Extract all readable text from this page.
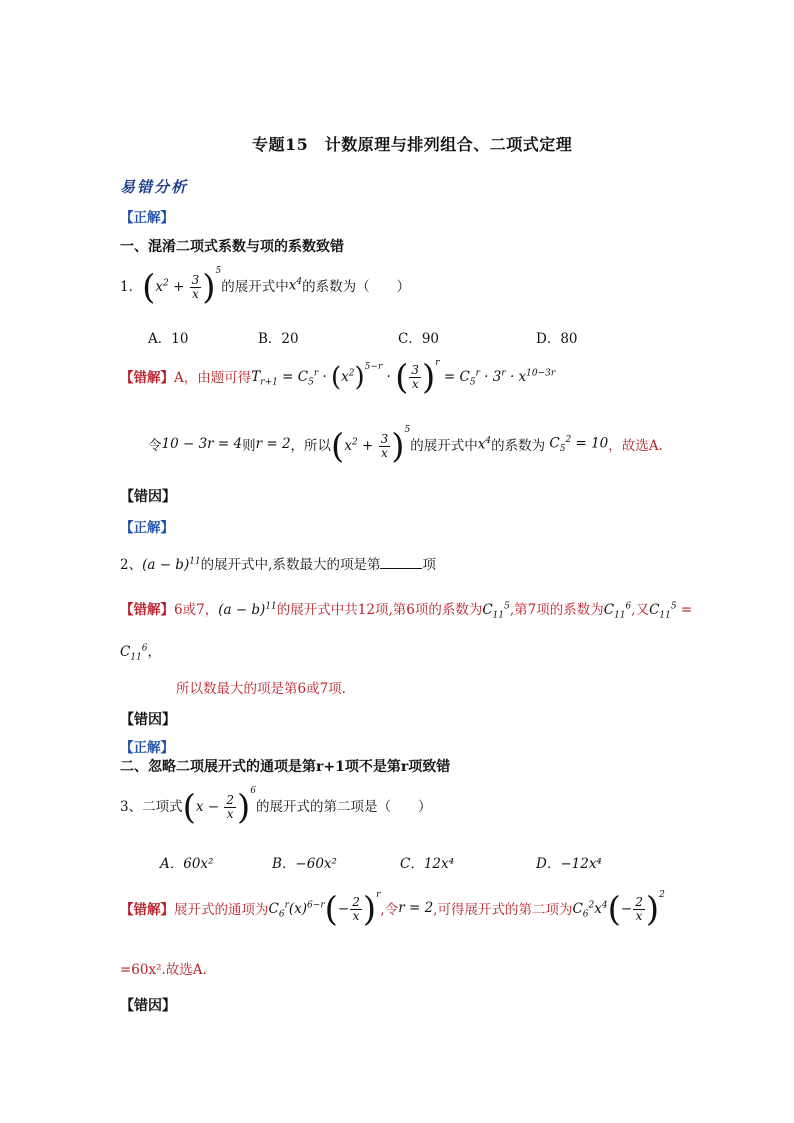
专题15　计数原理与排列组合、二项式定理
易错分析
【正解】
一、混淆二项式系数与项的系数致错
1． $(x^2 + \frac{3}{x} )^5$
的展开式中 $x^4$ 的系数为（　　）
A．10	B．20	C．90	D．80
【错解】 A，由题可得 $T_{r+1} = C_5^r \cdot (x^2)^{5-r}$ · ( $\frac{3}{x} )^r = C_5^r \cdot 3^r \cdot x^{10-3r}$
令 10 − 3r = 4 则 r = 2 ，所以 $(x^2 + \frac{3}{x} )^5$
的展开式中 $x^4$ 的系数为 $C_5^2 = 10$ ，故选A.
【错因】
【正解】
2、$(a - b)^{11}$的展开式中,系数最大的项是第	项
【错解】6或7，$(a - b)^{11}$的展开式中共12项,第6项的系数为$C_{11}^5$,第7项的系数为$C_{11}^6$,又$C_{11}^5$ =
$C_{11}^6$，
所以数最大的项是第6或7项.
【错因】
【正解】
二、忽略二项展开式的通项是第r+1项不是第r项致错
3、二项式 $(x - \frac{2}{x} )^6$
的展开式的第二项是（　　）
A．60x²	B．−60x²	C．12x⁴	D．−12x⁴
【错解】 展开式的通项为 $C_6^r(x)^{6-r}(- \frac{2}{x} )^r$
,令 r = 2 ,可得展开式的第二项为 $C_6^2x^4(- \frac{2}{x} )^2$
=60x².故选A.
【错因】
